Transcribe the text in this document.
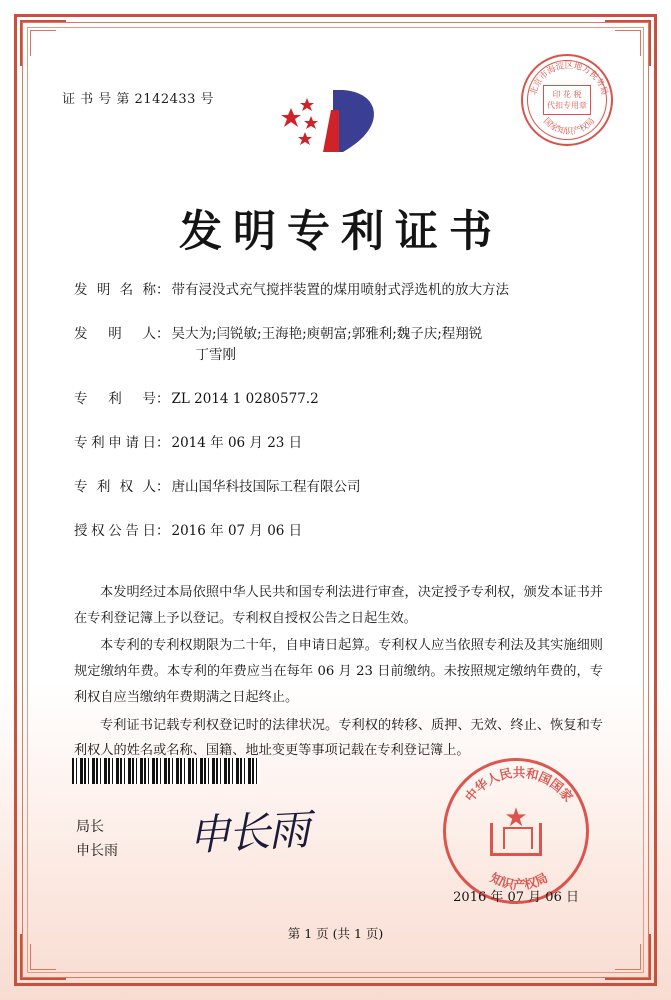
证 书 号 第 2142433 号
北京市海淀区地方税务局
国家知识产权局
印 花 税
代扣专用章
发明专利证书
发 明 名 称 ： 带有浸没式充气搅拌装置的煤用喷射式浮选机的放大方法
发 明 人 ： 吴大为;闫锐敏;王海艳;庾朝富;郭雅利;魏子庆;程翔锐
丁雪刚
专 利 号 ： ZL 2014 1 0280577.2
专利申请日 ： 2014 年 06 月 23 日
专 利 权 人 ： 唐山国华科技国际工程有限公司
授权公告日 ： 2016 年 07 月 06 日

本发明经过本局依照中华人民共和国专利法进行审查，决定授予专利权，颁发本证书并在专利登记簿上予以登记。专利权自授权公告之日起生效。

本专利的专利权期限为二十年，自申请日起算。专利权人应当依照专利法及其实施细则规定缴纳年费。本专利的年费应当在每年 06 月 23 日前缴纳。未按照规定缴纳年费的，专利权自应当缴纳年费期满之日起终止。

专利证书记载专利权登记时的法律状况。专利权的转移、质押、无效、终止、恢复和专利权人的姓名或名称、国籍、地址变更等事项记载在专利登记簿上。

局长
申长雨 申长雨
中华人民共和国国家
知识产权局
★
2016 年 07 月 06 日
第 1 页 (共 1 页)
